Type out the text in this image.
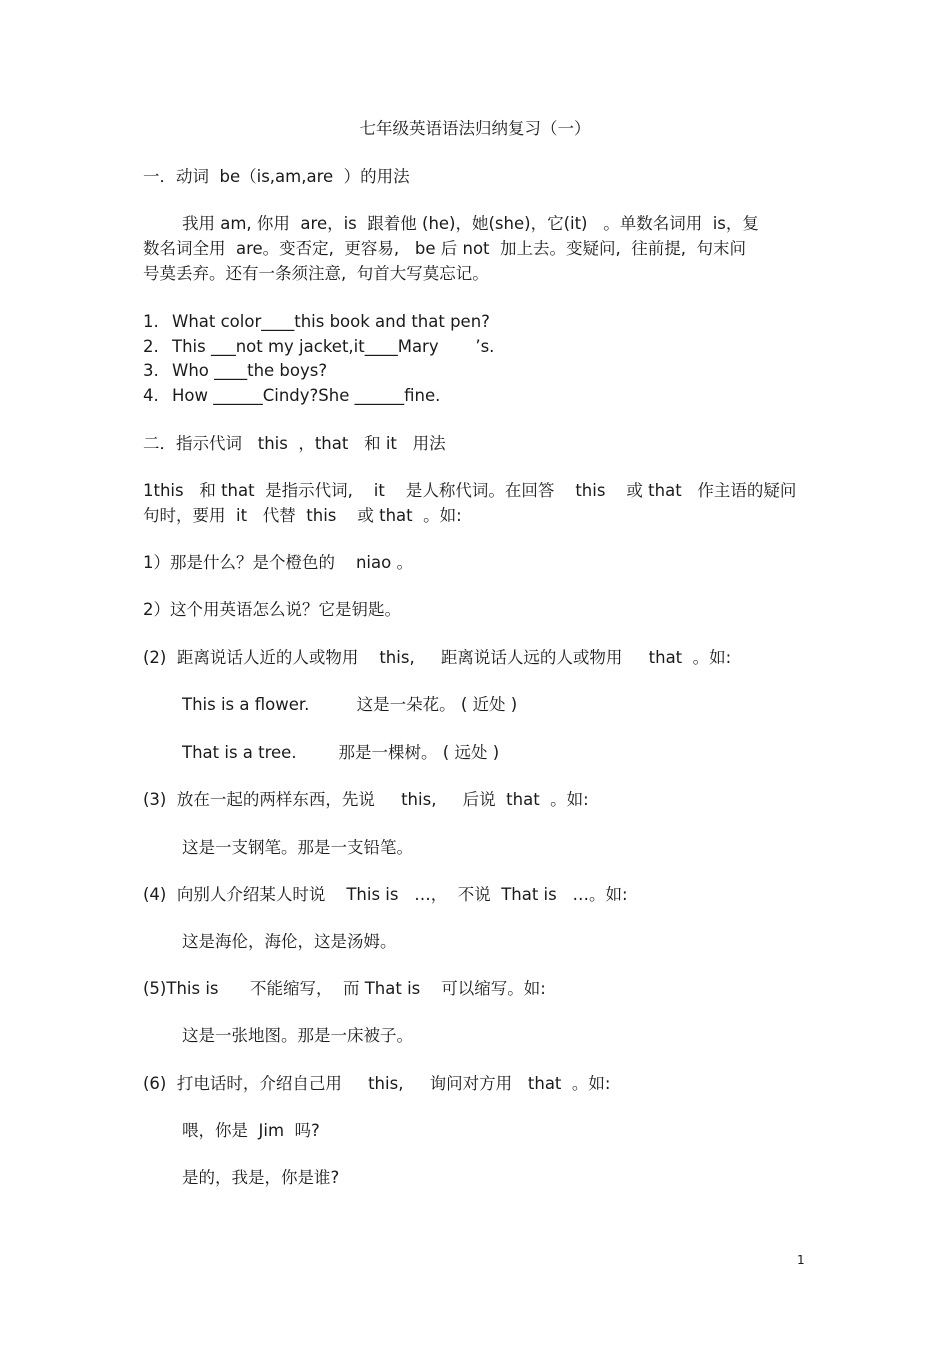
七年级英语语法归纳复习（一）
一．动词  be（is,am,are  ）的用法
我用 am, 你用  are，is  跟着他 (he)，她(she)，它(it)   。单数名词用  is，复
数名词全用  are。变否定,  更容易,   be 后 not  加上去。变疑问,  往前提,  句末问
号莫丢弃。还有一条须注意,  句首大写莫忘记。
1. What color____this book and that pen?
2. This ___not my jacket,it____Mary       ’s.
3. Who ____the boys?
4. How ______Cindy?She ______fine.
二．指示代词   this  ，that   和 it   用法
1this   和 that  是指示代词,    it    是人称代词。在回答    this    或 that   作主语的疑问
句时，要用  it   代替  this    或 that  。如:
1）那是什么？是个橙色的    niao 。
2）这个用英语怎么说？它是钥匙。
(2)  距离说话人近的人或物用    this,     距离说话人远的人或物用     that  。如:
This is a flower.         这是一朵花。 ( 近处 )
That is a tree.        那是一棵树。 ( 远处 )
(3)  放在一起的两样东西，先说     this,     后说  that  。如:
这是一支钢笔。那是一支铅笔。
(4)  向别人介绍某人时说    This is   …，  不说  That is   …。如:
这是海伦，海伦，这是汤姆。
(5)This is      不能缩写，  而 That is    可以缩写。如:
这是一张地图。那是一床被子。
(6)  打电话时，介绍自己用     this,     询问对方用   that  。如:
喂，你是  Jim  吗?
是的，我是，你是谁?
1
